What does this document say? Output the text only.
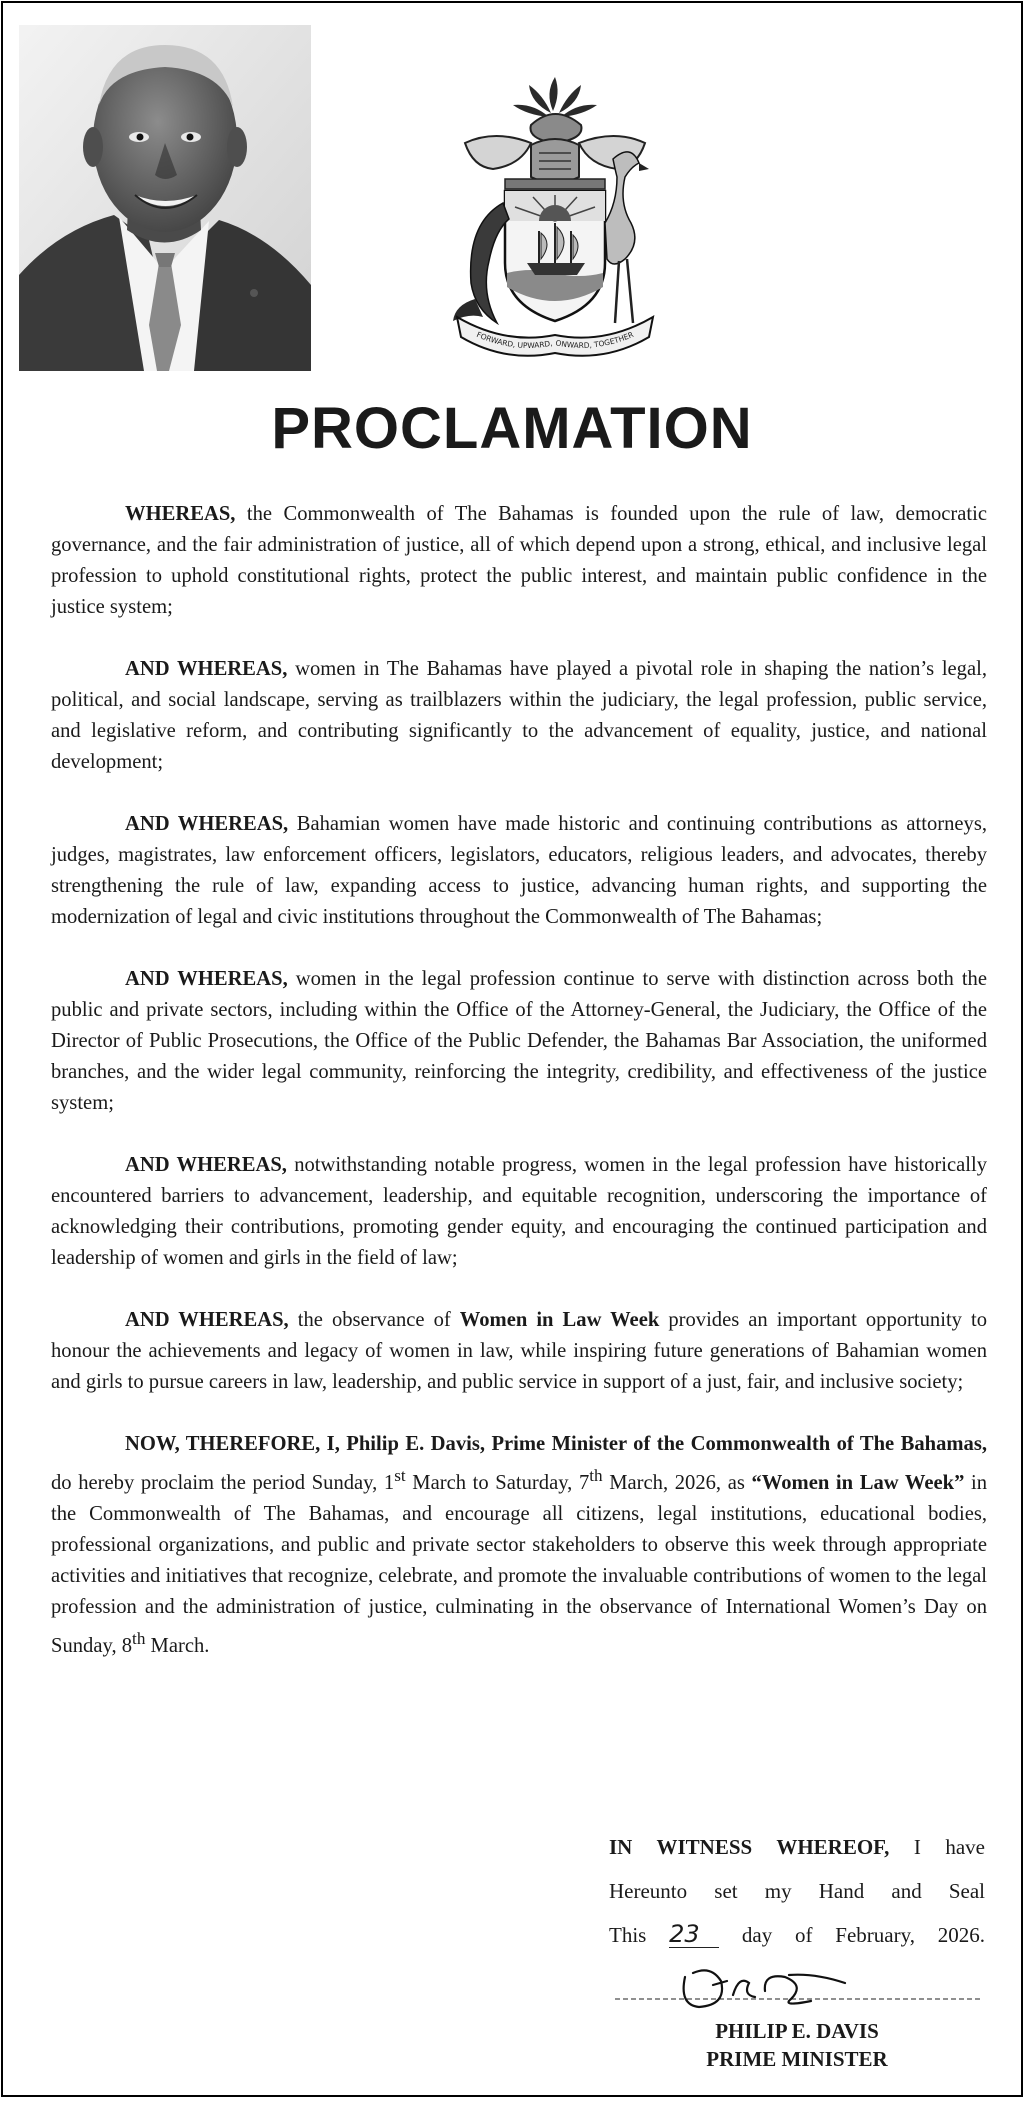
FORWARD, UPWARD, ONWARD, TOGETHER
PROCLAMATION

WHEREAS, the Commonwealth of The Bahamas is founded upon the rule of law, democratic governance, and the fair administration of justice, all of which depend upon a strong, ethical, and inclusive legal profession to uphold constitutional rights, protect the public interest, and maintain public confidence in the justice system;

AND WHEREAS, women in The Bahamas have played a pivotal role in shaping the nation’s legal, political, and social landscape, serving as trailblazers within the judiciary, the legal profession, public service, and legislative reform, and contributing significantly to the advancement of equality, justice, and national development;

AND WHEREAS, Bahamian women have made historic and continuing contributions as attorneys, judges, magistrates, law enforcement officers, legislators, educators, religious leaders, and advocates, thereby strengthening the rule of law, expanding access to justice, advancing human rights, and supporting the modernization of legal and civic institutions throughout the Commonwealth of The Bahamas;

AND WHEREAS, women in the legal profession continue to serve with distinction across both the public and private sectors, including within the Office of the Attorney-General, the Judiciary, the Office of the Director of Public Prosecutions, the Office of the Public Defender, the Bahamas Bar Association, the uniformed branches, and the wider legal community, reinforcing the integrity, credibility, and effectiveness of the justice system;

AND WHEREAS, notwithstanding notable progress, women in the legal profession have historically encountered barriers to advancement, leadership, and equitable recognition, underscoring the importance of acknowledging their contributions, promoting gender equity, and encouraging the continued participation and leadership of women and girls in the field of law;

AND WHEREAS, the observance of Women in Law Week provides an important opportunity to honour the achievements and legacy of women in law, while inspiring future generations of Bahamian women and girls to pursue careers in law, leadership, and public service in support of a just, fair, and inclusive society;

NOW, THEREFORE, I, Philip E. Davis, Prime Minister of the Commonwealth of The Bahamas, do hereby proclaim the period Sunday, 1st March to Saturday, 7th March, 2026, as “Women in Law Week” in the Commonwealth of The Bahamas, and encourage all citizens, legal institutions, educational bodies, professional organizations, and public and private sector stakeholders to observe this week through appropriate activities and initiatives that recognize, celebrate, and promote the invaluable contributions of women to the legal profession and the administration of justice, culminating in the observance of International Women’s Day on Sunday, 8th March.

IN WITNESS WHEREOF, I have
Hereunto set my Hand and Seal
This 23 day of February, 2026.
PHILIP E. DAVIS
PRIME MINISTER
